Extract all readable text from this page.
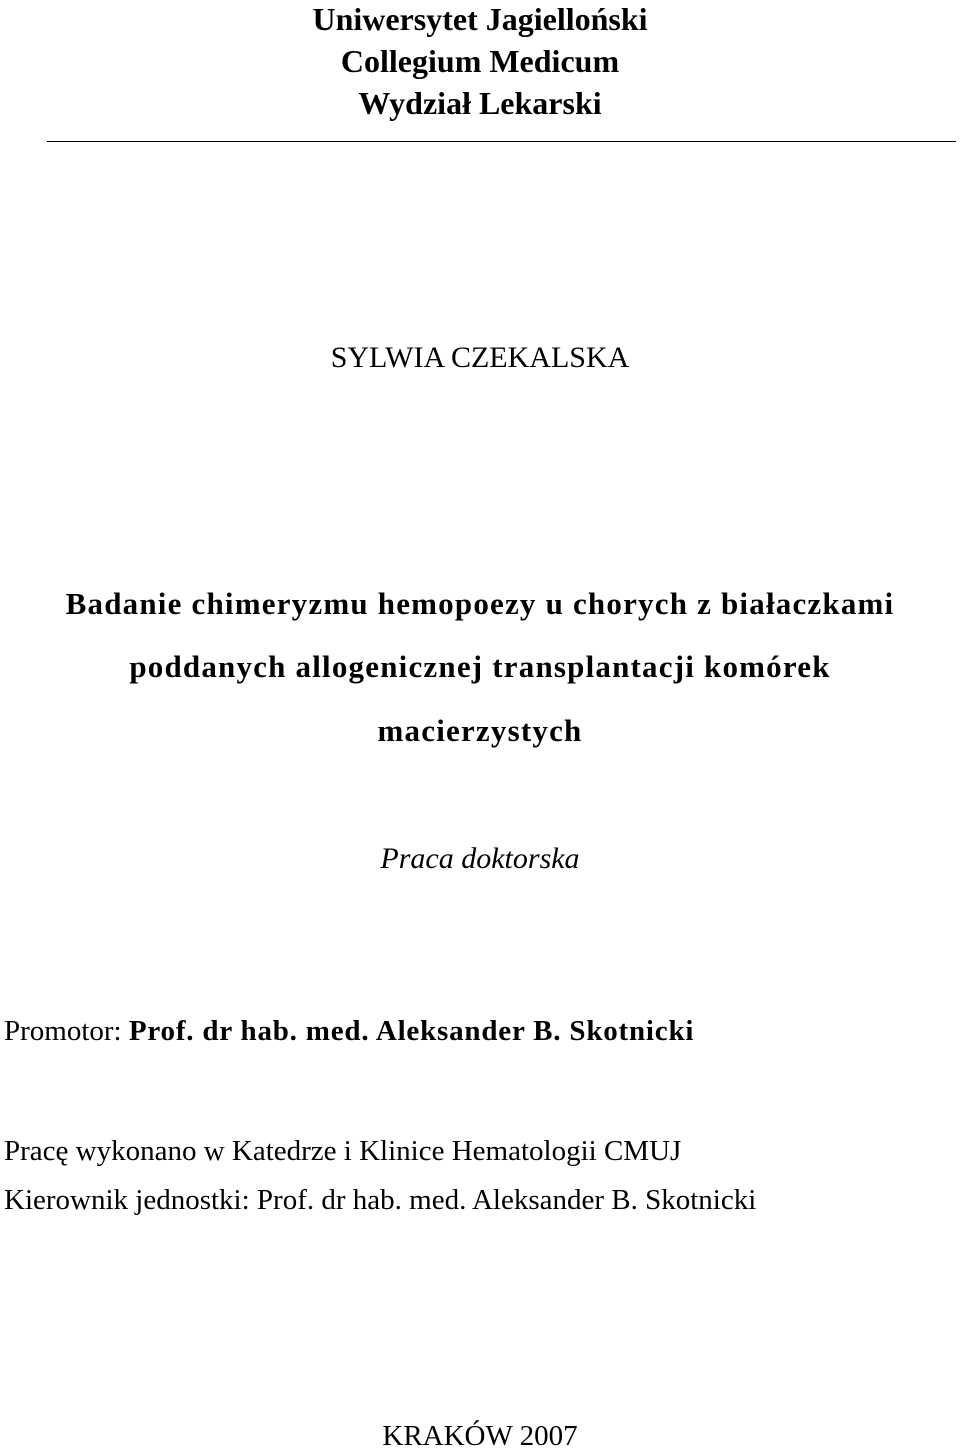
Uniwersytet Jagielloński
Collegium Medicum
Wydział Lekarski
SYLWIA CZEKALSKA
Badanie chimeryzmu hemopoezy u chorych z białaczkami
poddanych allogenicznej transplantacji komórek
macierzystych
Praca doktorska
Promotor: Prof. dr hab. med. Aleksander B. Skotnicki
Pracę wykonano w Katedrze i Klinice Hematologii CMUJ
Kierownik jednostki: Prof. dr hab. med. Aleksander B. Skotnicki
KRAKÓW 2007
